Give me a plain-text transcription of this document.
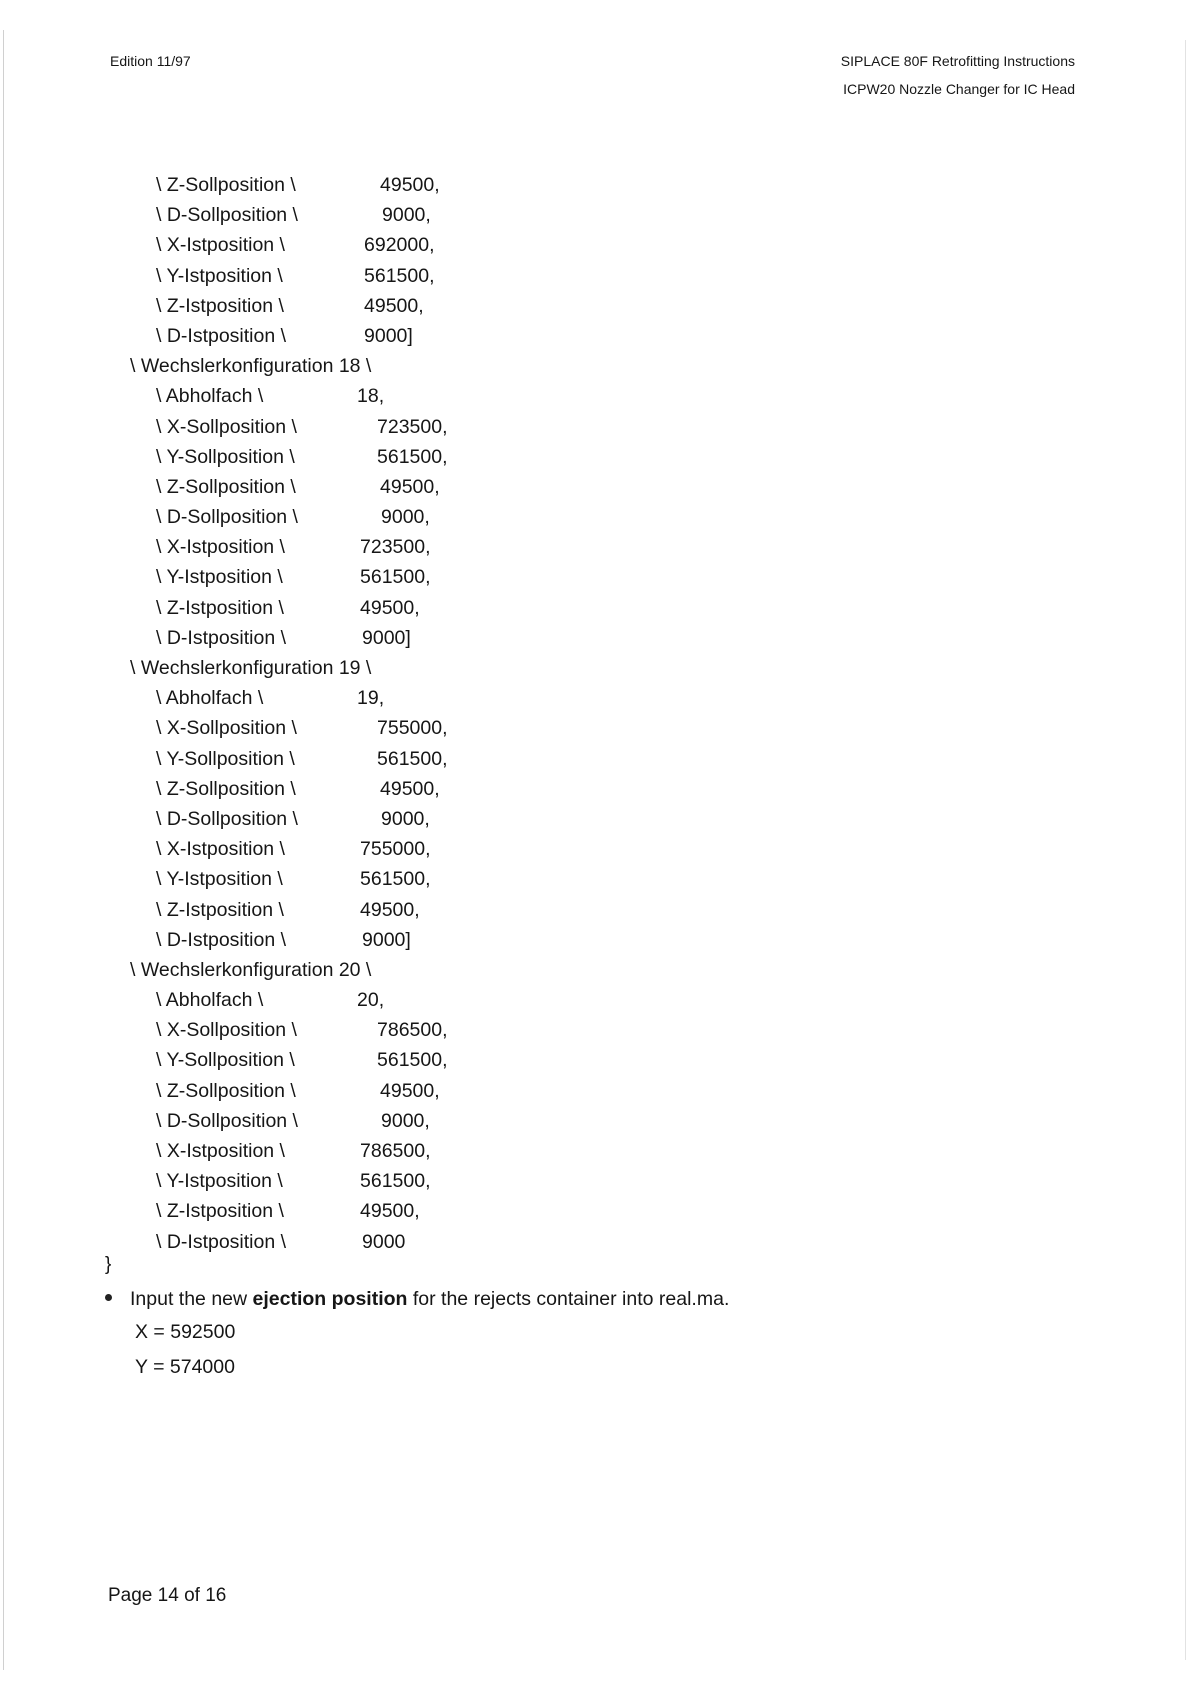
Edition 11/97	SIPLACE 80F Retrofitting Instructions
ICPW20 Nozzle Changer for IC Head
\ Z-Sollposition \	49500,
\ D-Sollposition \	9000,
\ X-Istposition \	692000,
\ Y-Istposition \	561500,
\ Z-Istposition \	49500,
\ D-Istposition \	9000]
\ Wechslerkonfiguration 18 \
\ Abholfach \	18,
\ X-Sollposition \	723500,
\ Y-Sollposition \	561500,
\ Z-Sollposition \	49500,
\ D-Sollposition \	9000,
\ X-Istposition \	723500,
\ Y-Istposition \	561500,
\ Z-Istposition \	49500,
\ D-Istposition \	9000]
\ Wechslerkonfiguration 19 \
\ Abholfach \	19,
\ X-Sollposition \	755000,
\ Y-Sollposition \	561500,
\ Z-Sollposition \	49500,
\ D-Sollposition \	9000,
\ X-Istposition \	755000,
\ Y-Istposition \	561500,
\ Z-Istposition \	49500,
\ D-Istposition \	9000]
\ Wechslerkonfiguration 20 \
\ Abholfach \	20,
\ X-Sollposition \	786500,
\ Y-Sollposition \	561500,
\ Z-Sollposition \	49500,
\ D-Sollposition \	9000,
\ X-Istposition \	786500,
\ Y-Istposition \	561500,
\ Z-Istposition \	49500,
\ D-Istposition \	9000
}
Input the new ejection position for the rejects container into real.ma.
X = 592500
Y = 574000
Page 14 of 16
